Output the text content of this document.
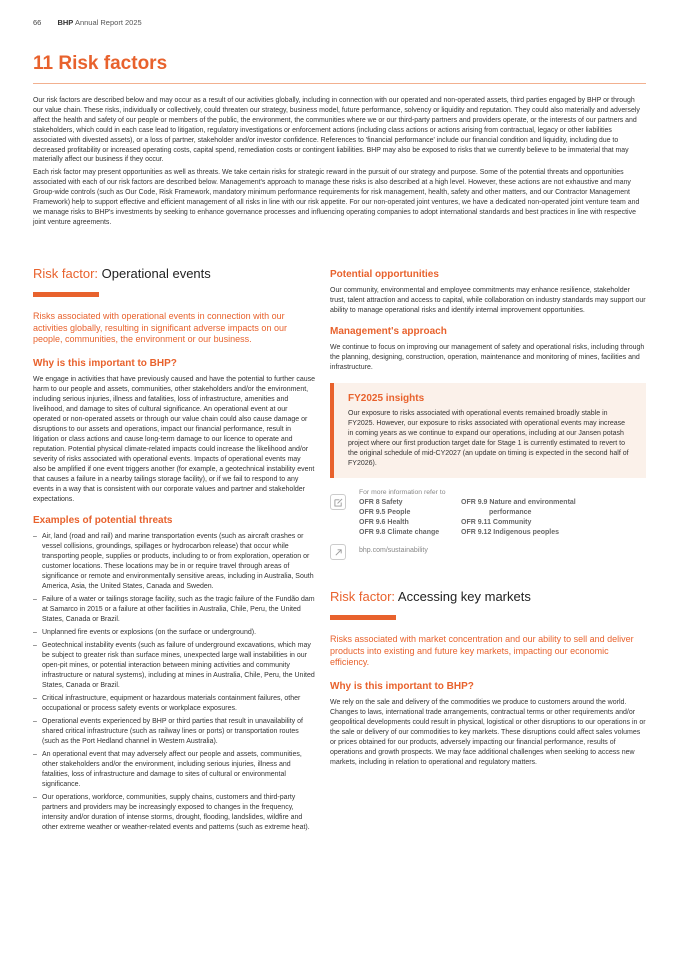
66 BHP Annual Report 2025
11 Risk factors

Our risk factors are described below and may occur as a result of our activities globally, including in connection with our operated and non-operated assets, third parties engaged by BHP or through our value chain. These risks, individually or collectively, could threaten our strategy, business model, future performance, solvency or liquidity and reputation. They could also materially and adversely affect the health and safety of our people or members of the public, the environment, the communities where we or our third-party partners and providers operate, or the interests of our partners and stakeholders, which could in each case lead to litigation, regulatory investigations or enforcement actions (including class actions or actions arising from contractual, legacy or other liabilities associated with divested assets), or a loss of partner, stakeholder and/or investor confidence. References to 'financial performance' include our financial condition and liquidity, including due to decreased profitability or increased operating costs, capital spend, remediation costs or contingent liabilities. BHP may also be exposed to risks that we currently believe to be immaterial that may materially affect our business if they occur.

Each risk factor may present opportunities as well as threats. We take certain risks for strategic reward in the pursuit of our strategy and purpose. Some of the potential threats and opportunities associated with each of our risk factors are described below. Management's approach to manage these risks is also described at a high level. However, these actions are not exhaustive and many Group-wide controls (such as Our Code, Risk Framework, mandatory minimum performance requirements for risk management, health, safety and other matters, and our Contractor Management Framework) help to support effective and efficient management of all risks in line with our risk appetite. For our non-operated joint ventures, we have a dedicated non-operated joint venture team and we manage risks to BHP's investments by seeking to enhance governance processes and influencing operating companies to adopt international standards and best practices in line with respective joint venture agreements.

Risk factor: Operational events

Risks associated with operational events in connection with our activities globally, resulting in significant adverse impacts on our people, communities, the environment or our business.

Why is this important to BHP?

We engage in activities that have previously caused and have the potential to further cause harm to our people and assets, communities, other stakeholders and/or the environment, including serious injuries, illness and fatalities, loss of infrastructure, amenities and livelihood, and damage to sites of cultural significance. An operational event at our operated or non-operated assets or through our value chain could also cause damage or disruptions to our assets and operations, impact our financial performance, result in litigation or class actions and cause long-term damage to our licence to operate and reputation. Potential physical climate-related impacts could increase the likelihood and/or severity of risks associated with operational events. Impacts of operational events may also be amplified if one event triggers another (for example, a geotechnical instability event that causes a failure in a nearby tailings storage facility), or if we fail to respond to any events in a way that is consistent with our corporate values and partner and stakeholder expectations.

Examples of potential threats
– Air, land (road and rail) and marine transportation events (such as aircraft crashes or vessel collisions, groundings, spillages or hydrocarbon release) that occur while transporting people, supplies or products, including to or from exploration, operation or customer locations. These locations may be in or require travel through areas of significance or remote and environmentally sensitive areas, including in Australia, South America, Asia, the United States, Canada and Sweden.
– Failure of a water or tailings storage facility, such as the tragic failure of the Fundão dam at Samarco in 2015 or a failure at other facilities in Australia, Chile, Peru, the United States, Canada or Brazil.
– Unplanned fire events or explosions (on the surface or underground).
– Geotechnical instability events (such as failure of underground excavations, which may be subject to greater risk than surface mines, unexpected large wall instabilities in our open-pit mines, or potential interaction between mining activities and community infrastructure or natural systems), including at mines in Australia, Chile, Peru, the United States, Canada or Brazil.
– Critical infrastructure, equipment or hazardous materials containment failures, other occupational or process safety events or workplace exposures.
– Operational events experienced by BHP or third parties that result in unavailability of shared critical infrastructure (such as railway lines or ports) or transportation routes (such as the Port Hedland channel in Western Australia).
– An operational event that may adversely affect our people and assets, communities, other stakeholders and/or the environment, including serious injuries, illness and fatalities, loss of infrastructure and damage to sites of cultural or environmental significance.
– Our operations, workforce, communities, supply chains, customers and third-party partners and providers may be increasingly exposed to changes in the frequency, intensity and/or duration of intense storms, drought, flooding, landslides, wildfire and other extreme weather or weather-related events and patterns (such as extreme heat).
Potential opportunities

Our community, environmental and employee commitments may enhance resilience, stakeholder trust, talent attraction and access to capital, while collaboration on industry standards may support our ability to manage operational risks and identify internal improvement opportunities.

Management's approach

We continue to focus on improving our management of safety and operational risks, including through the planning, designing, construction, operation, maintenance and monitoring of mines, facilities and infrastructure.

FY2025 insights

Our exposure to risks associated with operational events remained broadly stable in FY2025. However, our exposure to risks associated with operational events may increase in coming years as we continue to expand our operations, including at our Jansen potash project where our first production target date for Stage 1 is currently estimated to revert to the original schedule of mid-CY2027 (an update on timing is expected in the second half of FY2026).

For more information refer to
OFR 8 Safety
OFR 9.5 People
OFR 9.6 Health
OFR 9.8 Climate change
OFR 9.9 Nature and environmental
performance
OFR 9.11 Community
OFR 9.12 Indigenous peoples
bhp.com/sustainability
Risk factor: Accessing key markets

Risks associated with market concentration and our ability to sell and deliver products into existing and future key markets, impacting our economic efficiency.

Why is this important to BHP?

We rely on the sale and delivery of the commodities we produce to customers around the world. Changes to laws, international trade arrangements, contractual terms or other requirements and/or geopolitical developments could result in physical, logistical or other disruptions to our operations in or the sale or delivery of our commodities to key markets. These disruptions could affect sales volumes or prices obtained for our products, adversely impacting our financial performance, results of operations and growth prospects. We may face additional challenges when seeking to access new markets, including in relation to operational and regulatory matters.
